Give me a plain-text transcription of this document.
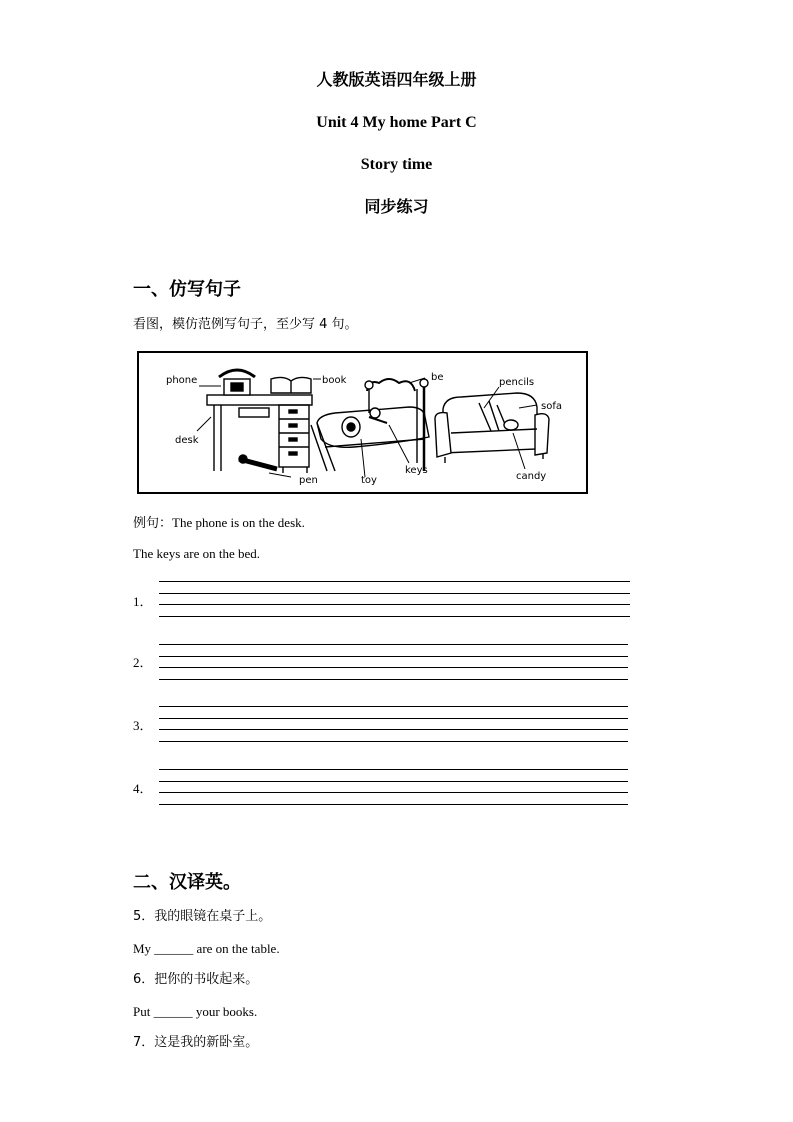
人教版英语四年级上册
Unit 4 My home Part C
Story time
同步练习
一、仿写句子
看图，模仿范例写句子，至少写 4 句。
phone	book	be	pencils
sofa
desk
pen	toy
keys
candy
例句：The phone is on the desk.
The keys are on the bed.
1．
2．
3．
4．
二、汉译英。
5．我的眼镜在桌子上。
My ______ are on the table.
6．把你的书收起来。
Put ______ your books.
7．这是我的新卧室。
